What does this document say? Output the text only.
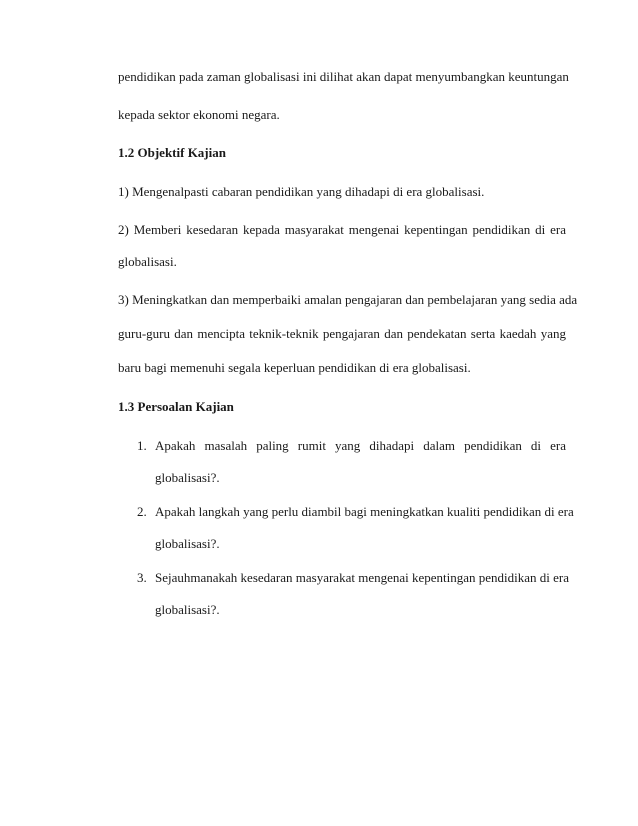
pendidikan pada zaman globalisasi ini dilihat akan dapat menyumbangkan keuntungan
kepada sektor ekonomi negara.
1.2 Objektif Kajian
1) Mengenalpasti cabaran pendidikan yang dihadapi di era globalisasi.
2) Memberi kesedaran kepada masyarakat mengenai kepentingan pendidikan di era
globalisasi.
3) Meningkatkan dan memperbaiki amalan pengajaran dan pembelajaran yang sedia ada
guru-guru dan mencipta teknik-teknik pengajaran dan pendekatan serta kaedah yang
baru bagi memenuhi segala keperluan pendidikan di era globalisasi.
1.3 Persoalan Kajian
1. Apakah masalah paling rumit yang dihadapi dalam pendidikan di era
globalisasi?.
2. Apakah langkah yang perlu diambil bagi meningkatkan kualiti pendidikan di era
globalisasi?.
3. Sejauhmanakah kesedaran masyarakat mengenai kepentingan pendidikan di era
globalisasi?.
